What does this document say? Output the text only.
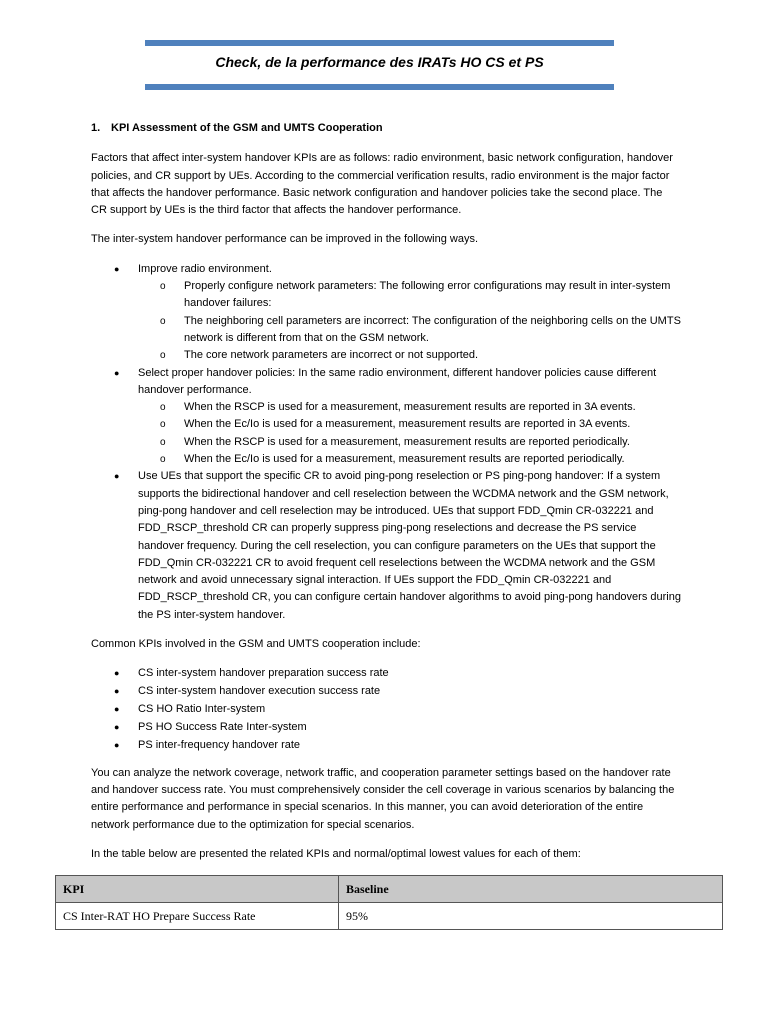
Check, de la performance des IRATs HO CS et PS
1. KPI Assessment of the GSM and UMTS Cooperation

Factors that affect inter-system handover KPIs are as follows: radio environment, basic network configuration, handover policies, and CR support by UEs. According to the commercial verification results, radio environment is the major factor that affects the handover performance. Basic network configuration and handover policies take the second place. The CR support by UEs is the third factor that affects the handover performance.

The inter-system handover performance can be improved in the following ways.

● Improve radio environment.
o Properly configure network parameters: The following error configurations may result in inter-system handover failures:
o The neighboring cell parameters are incorrect: The configuration of the neighboring cells on the UMTS network is different from that on the GSM network.
o The core network parameters are incorrect or not supported.
● Select proper handover policies: In the same radio environment, different handover policies cause different handover performance.
o When the RSCP is used for a measurement, measurement results are reported in 3A events.
o When the Ec/Io is used for a measurement, measurement results are reported in 3A events.
o When the RSCP is used for a measurement, measurement results are reported periodically.
o When the Ec/Io is used for a measurement, measurement results are reported periodically.
● Use UEs that support the specific CR to avoid ping-pong reselection or PS ping-pong handover: If a system supports the bidirectional handover and cell reselection between the WCDMA network and the GSM network, ping-pong handover and cell reselection may be introduced. UEs that support FDD_Qmin CR-032221 and FDD_RSCP_threshold CR can properly suppress ping-pong reselections and decrease the PS service handover frequency. During the cell reselection, you can configure parameters on the UEs that support the FDD_Qmin CR-032221 CR to avoid frequent cell reselections between the WCDMA network and the GSM network and avoid unnecessary signal interaction. If UEs support the FDD_Qmin CR-032221 and FDD_RSCP_threshold CR, you can configure certain handover algorithms to avoid ping-pong handovers during the PS inter-system handover.

Common KPIs involved in the GSM and UMTS cooperation include:

● CS inter-system handover preparation success rate
● CS inter-system handover execution success rate
● CS HO Ratio Inter-system
● PS HO Success Rate Inter-system
● PS inter-frequency handover rate

You can analyze the network coverage, network traffic, and cooperation parameter settings based on the handover rate and handover success rate. You must comprehensively consider the cell coverage in various scenarios by balancing the entire performance and performance in special scenarios. In this manner, you can avoid deterioration of the entire network performance due to the optimization for special scenarios.

In the table below are presented the related KPIs and normal/optimal lowest values for each of them:

KPI	Baseline
CS Inter-RAT HO Prepare Success Rate	95%
